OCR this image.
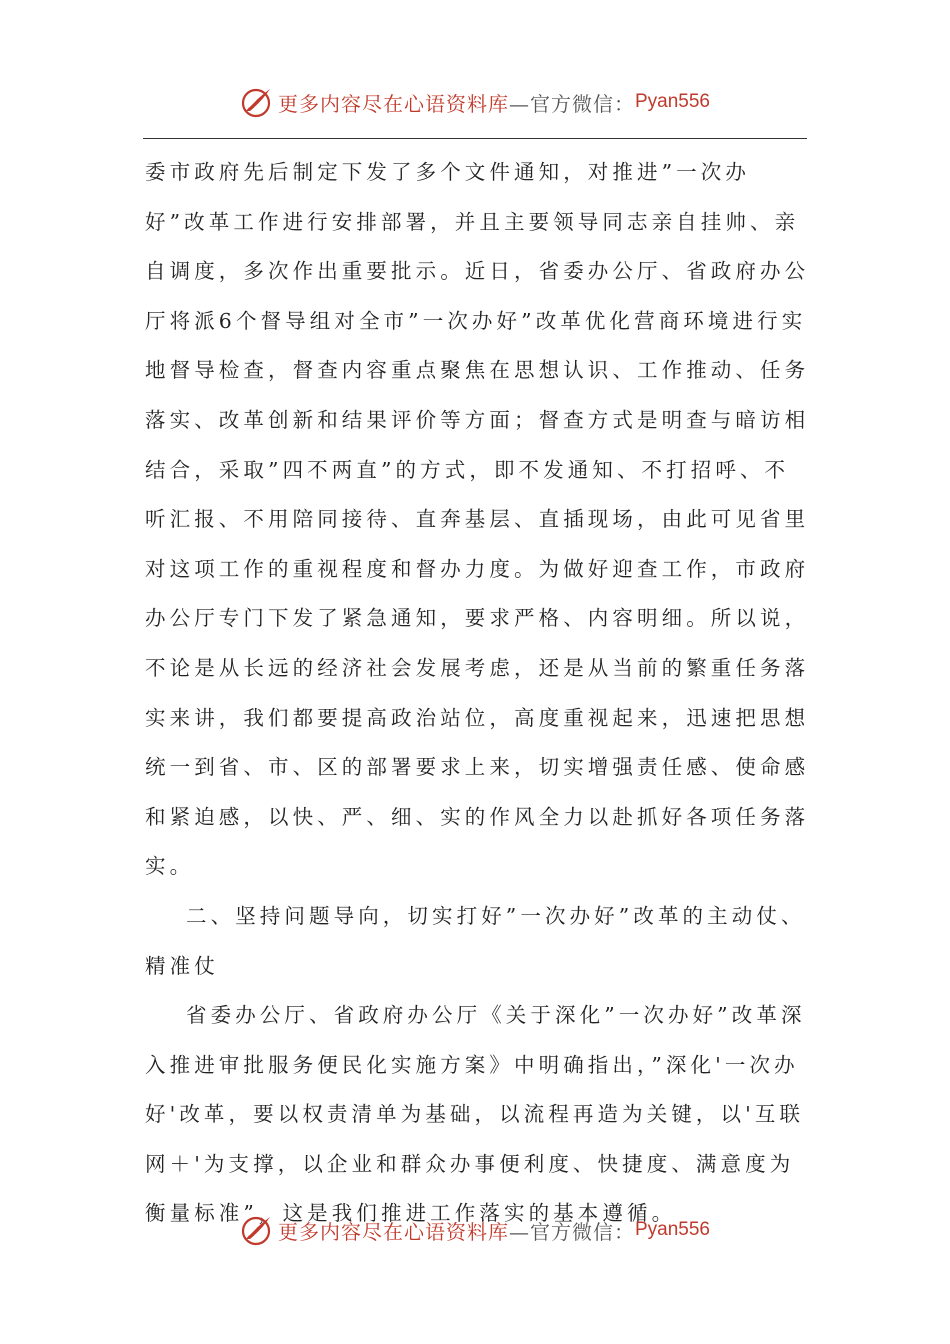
更多内容尽在心语资料库 —官方微信： Pyan556

委市政府先后制定下发了多个文件通知，对推进”一次办好”改革工作进行安排部署，并且主要领导同志亲自挂帅、亲自调度，多次作出重要批示。近日，省委办公厅、省政府办公厅将派6个督导组对全市”一次办好”改革优化营商环境进行实地督导检查，督查内容重点聚焦在思想认识、工作推动、任务落实、改革创新和结果评价等方面；督查方式是明查与暗访相结合，采取”四不两直”的方式，即不发通知、不打招呼、不听汇报、不用陪同接待、直奔基层、直插现场，由此可见省里对这项工作的重视程度和督办力度。为做好迎查工作，市政府办公厅专门下发了紧急通知，要求严格、内容明细。所以说，不论是从长远的经济社会发展考虑，还是从当前的繁重任务落实来讲，我们都要提高政治站位，高度重视起来，迅速把思想统一到省、市、区的部署要求上来，切实增强责任感、使命感和紧迫感，以快、严、细、实的作风全力以赴抓好各项任务落实。

二、坚持问题导向，切实打好”一次办好”改革的主动仗、精准仗

省委办公厅、省政府办公厅《关于深化”一次办好”改革深入推进审批服务便民化实施方案》中明确指出，”深化'一次办好'改革，要以权责清单为基础，以流程再造为关键，以'互联网＋'为支撑，以企业和群众办事便利度、快捷度、满意度为衡量标准”，这是我们推进工作落实的基本遵循。

更多内容尽在心语资料库 —官方微信： Pyan556
